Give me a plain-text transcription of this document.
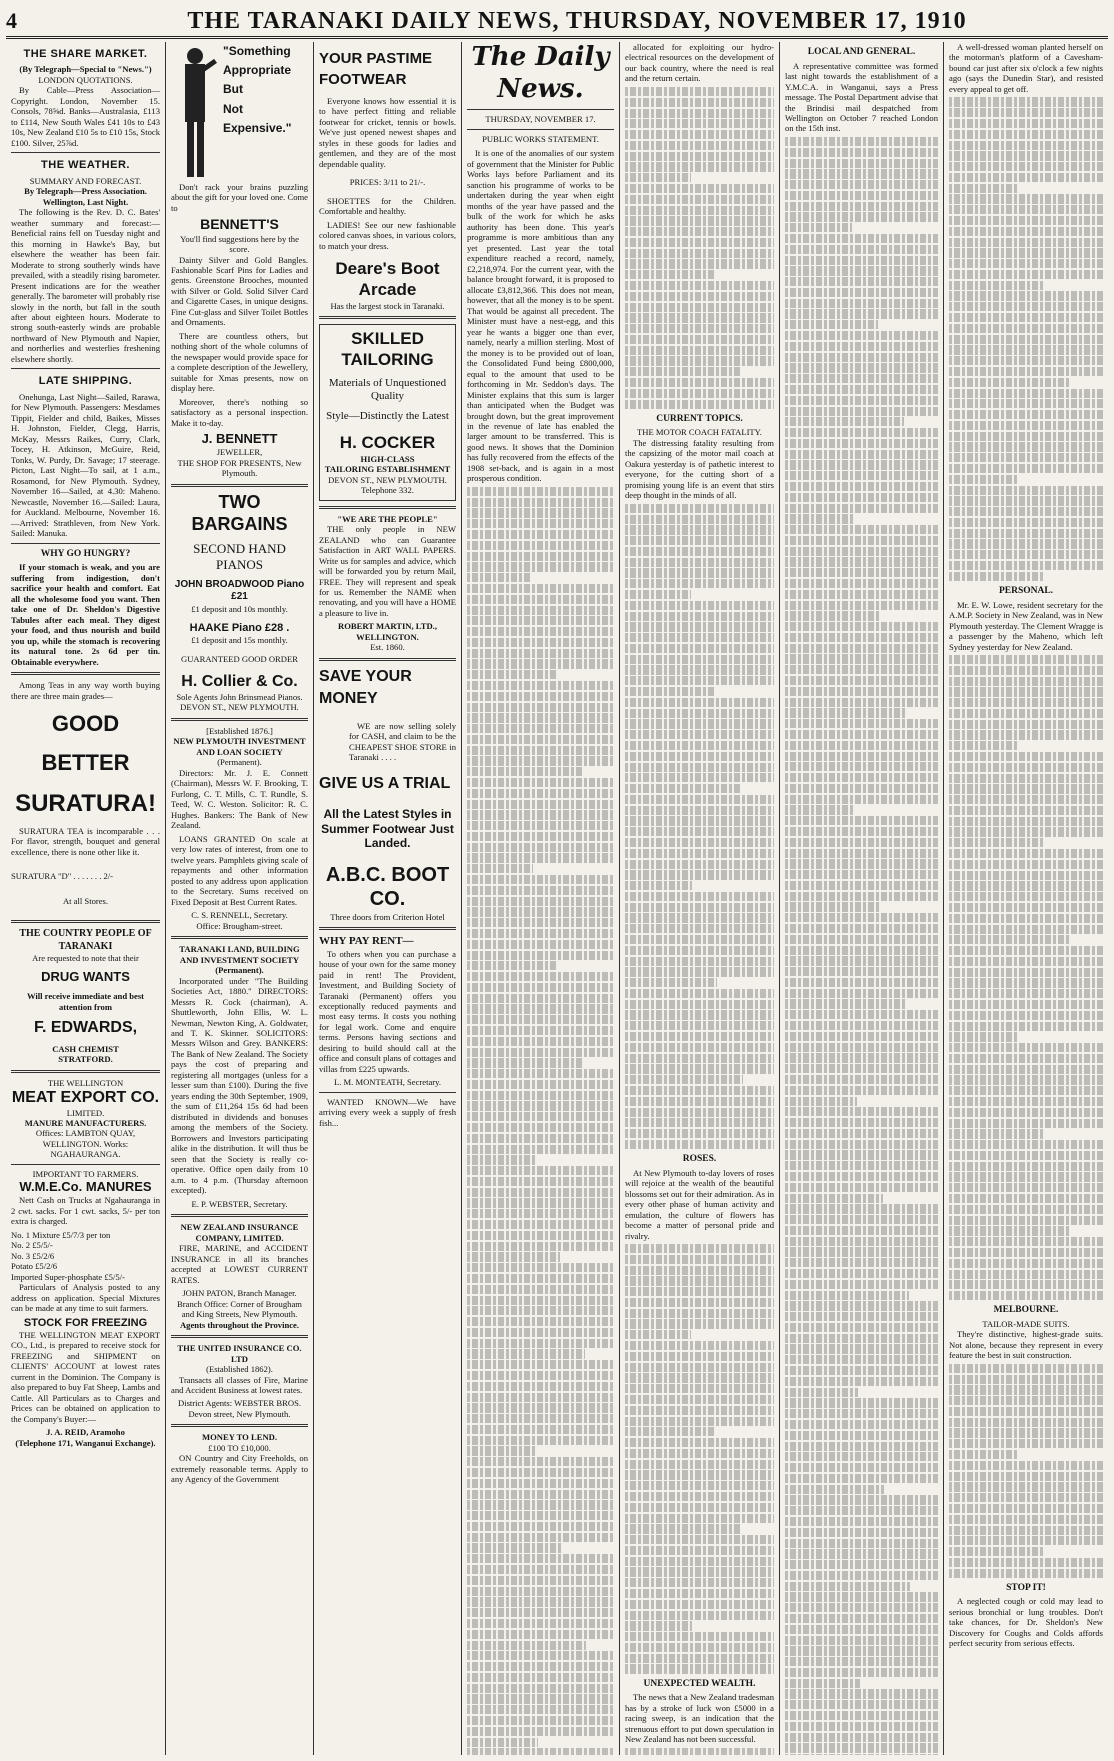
4	THE TARANAKI DAILY NEWS, THURSDAY, NOVEMBER 17, 1910
THE SHARE MARKET.
(By Telegraph—Special to "News.")
LONDON QUOTATIONS.

By Cable—Press Association—Copyright. London, November 15. Consols, 78⅝d. Banks—Australasia, £113 to £114, New South Wales £41 10s to £43 10s, New Zealand £10 5s to £10 15s, Stock £100. Silver, 25⅞d.

THE WEATHER.
SUMMARY AND FORECAST.
By Telegraph—Press Association. Wellington, Last Night.

The following is the Rev. D. C. Bates' weather summary and forecast:—Beneficial rains fell on Tuesday night and this morning in Hawke's Bay, but elsewhere the weather has been fair. Moderate to strong southerly winds have prevailed, with a steadily rising barometer. Present indications are for the weather generally. The barometer will probably rise slowly in the north, but fall in the south after about eighteen hours. Moderate to strong south-easterly winds are probable northward of New Plymouth and Napier, and northerlies and westerlies freshening elsewhere shortly.

LATE SHIPPING.

Onehunga, Last Night—Sailed, Rarawa, for New Plymouth. Passengers: Mesdames Tippit, Fielder and child, Baikes, Misses H. Johnston, Fielder, Clegg, Harris, McKay, Messrs Raikes, Curry, Clark, Tocey, H. Atkinson, McGuire, Reid, Tonks, W. Purdy, Dr. Savage; 17 steerage. Picton, Last Night—To sail, at 1 a.m., Rosamond, for New Plymouth. Sydney, November 16—Sailed, at 4.30: Maheno. Newcastle, November 16.—Sailed: Laura, for Auckland. Melbourne, November 16.—Arrived: Strathleven, from New York. Sailed: Manuka.

WHY GO HUNGRY?

If your stomach is weak, and you are suffering from indigestion, don't sacrifice your health and comfort. Eat all the wholesome food you want. Then take one of Dr. Sheldon's Digestive Tabules after each meal. They digest your food, and thus nourish and build you up, while the stomach is recovering its natural tone. 2s 6d per tin. Obtainable everywhere.

Among Teas in any way worth buying there are three main grades—

GOOD
BETTER
SURATURA!

SURATURA TEA is incomparable . . . For flavor, strength, bouquet and general excellence, there is none other like it.

SURATURA "D" . . . . . . . 2/-
At all Stores.
THE COUNTRY PEOPLE OF TARANAKI
Are requested to note that their
DRUG WANTS
Will receive immediate and best attention from
F. EDWARDS,
CASH CHEMIST
STRATFORD.
THE WELLINGTON
MEAT EXPORT CO.
LIMITED.
MANURE MANUFACTURERS.
Offices: LAMBTON QUAY, WELLINGTON. Works: NGAHAURANGA.
IMPORTANT TO FARMERS.
W.M.E.Co. MANURES

Nett Cash on Trucks at Ngahauranga in 2 cwt. sacks. For 1 cwt. sacks, 5/- per ton extra is charged.

No. 1 Mixture £5/7/3 per ton
No. 2 £5/5/-
No. 3 £5/2/6
Potato £5/2/6
Imported Super-phosphate £5/5/-

Particulars of Analysis posted to any address on application. Special Mixtures can be made at any time to suit farmers.

STOCK FOR FREEZING

THE WELLINGTON MEAT EXPORT CO., Ltd., is prepared to receive stock for FREEZING and SHIPMENT on CLIENTS' ACCOUNT at lowest rates current in the Dominion. The Company is also prepared to buy Fat Sheep, Lambs and Cattle. All Particulars as to Charges and Prices can be obtained on application to the Company's Buyer:—

J. A. REID, Aramoho
(Telephone 171, Wanganui Exchange).
"Something
Appropriate
But
Not
Expensive."

Don't rack your brains puzzling about the gift for your loved one. Come to

BENNETT'S
You'll find suggestions here by the score.

Dainty Silver and Gold Bangles. Fashionable Scarf Pins for Ladies and gents. Greenstone Brooches, mounted with Silver or Gold. Solid Silver Card and Cigarette Cases, in unique designs. Fine Cut-glass and Silver Toilet Bottles and Ornaments.

There are countless others, but nothing short of the whole columns of the newspaper would provide space for a complete description of the Jewellery, suitable for Xmas presents, now on display here.

Moreover, there's nothing so satisfactory as a personal inspection. Make it to-day.

J. BENNETT
JEWELLER,
THE SHOP FOR PRESENTS, New Plymouth.
TWO BARGAINS
SECOND HAND PIANOS
JOHN BROADWOOD Piano £21
£1 deposit and 10s monthly.
HAAKE Piano £28 .
£1 deposit and 15s monthly.
GUARANTEED GOOD ORDER
H. Collier & Co.
Sole Agents John Brinsmead Pianos. DEVON ST., NEW PLYMOUTH.
[Established 1876.]
NEW PLYMOUTH INVESTMENT AND LOAN SOCIETY
(Permanent).

Directors: Mr. J. E. Connett (Chairman), Messrs W. F. Brooking, T. Furlong, C. T. Mills, C. T. Rundle, S. Teed, W. C. Weston. Solicitor: R. C. Hughes. Bankers: The Bank of New Zealand.

LOANS GRANTED On scale at very low rates of interest, from one to twelve years. Pamphlets giving scale of repayments and other information posted to any address upon application to the Secretary. Sums received on Fixed Deposit at Best Current Rates.

C. S. RENNELL, Secretary.
Office: Brougham-street.
TARANAKI LAND, BUILDING AND INVESTMENT SOCIETY (Permanent).

Incorporated under "The Building Societies Act, 1880." DIRECTORS: Messrs R. Cock (chairman), A. Shuttleworth, John Ellis, W. L. Newman, Newton King, A. Goldwater, and T. K. Skinner. SOLICITORS: Messrs Wilson and Grey. BANKERS: The Bank of New Zealand. The Society pays the cost of preparing and registering all mortgages (unless for a lesser sum than £100). During the five years ending the 30th September, 1909, the sum of £11,264 15s 6d had been distributed in dividends and bonuses among the members of the Society. Borrowers and Investors participating alike in the distribution. It will thus be seen that the Society is really co-operative. Office open daily from 10 a.m. to 4 p.m. (Thursday afternoon excepted).

E. P. WEBSTER, Secretary.
NEW ZEALAND INSURANCE COMPANY, LIMITED.

FIRE, MARINE, and ACCIDENT INSURANCE in all its branches accepted at LOWEST CURRENT RATES.

JOHN PATON, Branch Manager.
Branch Office: Corner of Brougham and King Streets, New Plymouth.
Agents throughout the Province.
THE UNITED INSURANCE CO. LTD
(Established 1862).

Transacts all classes of Fire, Marine and Accident Business at lowest rates.

District Agents: WEBSTER BROS. Devon street, New Plymouth.
MONEY TO LEND.
£100 TO £10,000.

ON Country and City Freeholds, on extremely reasonable terms. Apply to any Agency of the Government

YOUR PASTIME FOOTWEAR

Everyone knows how essential it is to have perfect fitting and reliable footwear for cricket, tennis or bowls. We've just opened newest shapes and styles in these goods for ladies and gentlemen, and they are of the most dependable quality.

PRICES: 3/11 to 21/-.

SHOETTES for the Children. Comfortable and healthy.

LADIES! See our new fashionable colored canvas shoes, in various colors, to match your dress.

Deare's Boot Arcade
Has the largest stock in Taranaki.
SKILLED TAILORING
Materials of Unquestioned Quality
Style—Distinctly the Latest
H. COCKER
HIGH-CLASS
TAILORING ESTABLISHMENT
DEVON ST., NEW PLYMOUTH.
Telephone 332.
"WE ARE THE PEOPLE"

THE only people in NEW ZEALAND who can Guarantee Satisfaction in ART WALL PAPERS. Write us for samples and advice, which will be forwarded you by return Mail, FREE. They will represent and speak for us. Remember the NAME when renovating, and you will have a HOME a pleasure to live in.

ROBERT MARTIN, LTD., WELLINGTON.
Est. 1860.
SAVE YOUR MONEY

WE are now selling solely for CASH, and claim to be the CHEAPEST SHOE STORE in Taranaki . . . .

GIVE US A TRIAL
All the Latest Styles in Summer Footwear Just Landed.
A.B.C. BOOT CO.
Three doors from Criterion Hotel
WHY PAY RENT—

To others when you can purchase a house of your own for the same money paid in rent! The Provident, Investment, and Building Society of Taranaki (Permanent) offers you exceptionally reduced payments and most easy terms. It costs you nothing for legal work. Come and enquire terms. Persons having sections and desiring to build should call at the office and consult plans of cottages and villas from £225 upwards.

L. M. MONTEATH, Secretary.

WANTED KNOWN—We have arriving every week a supply of fresh fish...

The Daily News.
THURSDAY, NOVEMBER 17.
PUBLIC WORKS STATEMENT.

It is one of the anomalies of our system of government that the Minister for Public Works lays before Parliament and its sanction his programme of works to be undertaken during the year when eight months of the year have passed and the bulk of the work for which he asks authority has been done. This year's programme is more ambitious than any yet presented. Last year the total expenditure reached a record, namely, £2,218,974. For the current year, with the balance brought forward, it is proposed to allocate £3,812,366. This does not mean, however, that all the money is to be spent. That would be against all precedent. The Minister must have a nest-egg, and this year he wants a bigger one than ever, namely, nearly a million sterling. Most of the money is to be provided out of loan, the Consolidated Fund being £800,000, equal to the amount that used to be forthcoming in Mr. Seddon's days. The Minister explains that this sum is larger than anticipated when the Budget was brought down, but the great improvement in the revenue of late has enabled the larger amount to be transferred. This is good news. It shows that the Dominion has fully recovered from the effects of the 1908 set-back, and is again in a most prosperous condition.

allocated for exploiting our hydro-electrical resources on the development of our back country, where the need is real and the return certain.

CURRENT TOPICS.
THE MOTOR COACH FATALITY.

The distressing fatality resulting from the capsizing of the motor mail coach at Oakura yesterday is of pathetic interest to everyone, for the cutting short of a promising young life is an event that stirs deep thought in the minds of all.

ROSES.

At New Plymouth to-day lovers of roses will rejoice at the wealth of the beautiful blossoms set out for their admiration. As in every other phase of human activity and emulation, the culture of flowers has become a matter of personal pride and rivalry.

UNEXPECTED WEALTH.

The news that a New Zealand tradesman has by a stroke of luck won £5000 in a racing sweep, is an indication that the strenuous effort to put down speculation in New Zealand has not been successful.

LOCAL AND GENERAL.

A representative committee was formed last night towards the establishment of a Y.M.C.A. in Wanganui, says a Press message. The Postal Department advise that the Brindisi mail despatched from Wellington on October 7 reached London on the 15th inst.

A well-dressed woman planted herself on the motorman's platform of a Cavesham-bound car just after six o'clock a few nights ago (says the Dunedin Star), and resisted every appeal to get off.

PERSONAL.

Mr. E. W. Lowe, resident secretary for the A.M.P. Society in New Zealand, was in New Plymouth yesterday. The Clement Wragge is a passenger by the Maheno, which left Sydney yesterday for New Zealand.

MELBOURNE.
TAILOR-MADE SUITS.

They're distinctive, highest-grade suits. Not alone, because they represent in every feature the best in suit construction.

STOP IT!

A neglected cough or cold may lead to serious bronchial or lung troubles. Don't take chances, for Dr. Sheldon's New Discovery for Coughs and Colds affords perfect security from serious effects.
